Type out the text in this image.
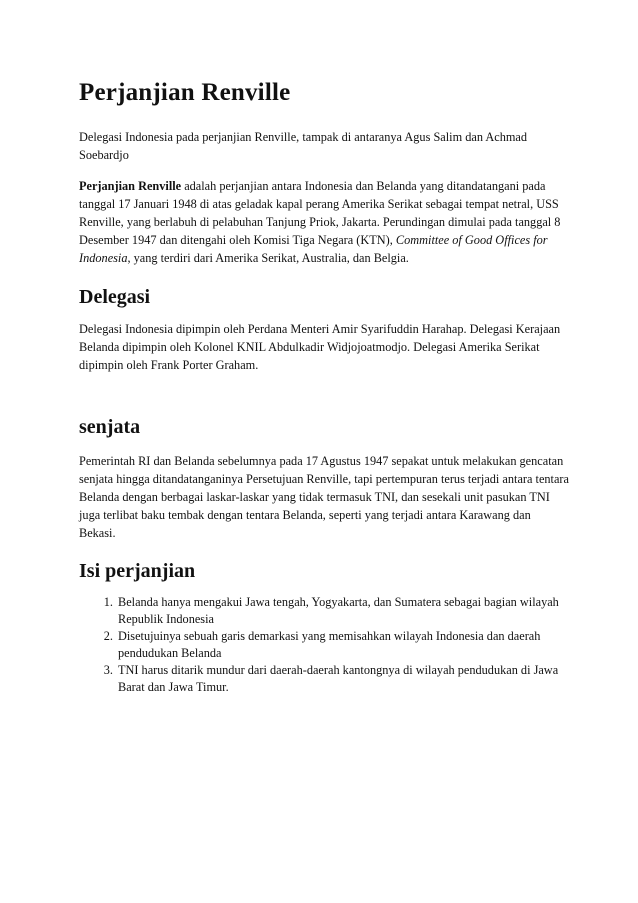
Perjanjian Renville

Delegasi Indonesia pada perjanjian Renville, tampak di antaranya Agus Salim dan Achmad Soebardjo

Perjanjian Renville adalah perjanjian antara Indonesia dan Belanda yang ditandatangani pada tanggal 17 Januari 1948 di atas geladak kapal perang Amerika Serikat sebagai tempat netral, USS Renville, yang berlabuh di pelabuhan Tanjung Priok, Jakarta. Perundingan dimulai pada tanggal 8 Desember 1947 dan ditengahi oleh Komisi Tiga Negara (KTN), Committee of Good Offices for Indonesia, yang terdiri dari Amerika Serikat, Australia, dan Belgia.

Delegasi

Delegasi Indonesia dipimpin oleh Perdana Menteri Amir Syarifuddin Harahap. Delegasi Kerajaan Belanda dipimpin oleh Kolonel KNIL Abdulkadir Widjojoatmodjo. Delegasi Amerika Serikat dipimpin oleh Frank Porter Graham.

senjata

Pemerintah RI dan Belanda sebelumnya pada 17 Agustus 1947 sepakat untuk melakukan gencatan senjata hingga ditandatanganinya Persetujuan Renville, tapi pertempuran terus terjadi antara tentara Belanda dengan berbagai laskar-laskar yang tidak termasuk TNI, dan sesekali unit pasukan TNI juga terlibat baku tembak dengan tentara Belanda, seperti yang terjadi antara Karawang dan Bekasi.

Isi perjanjian
1. Belanda hanya mengakui Jawa tengah, Yogyakarta, dan Sumatera sebagai bagian wilayah Republik Indonesia
2. Disetujuinya sebuah garis demarkasi yang memisahkan wilayah Indonesia dan daerah pendudukan Belanda
3. TNI harus ditarik mundur dari daerah-daerah kantongnya di wilayah pendudukan di Jawa Barat dan Jawa Timur.
